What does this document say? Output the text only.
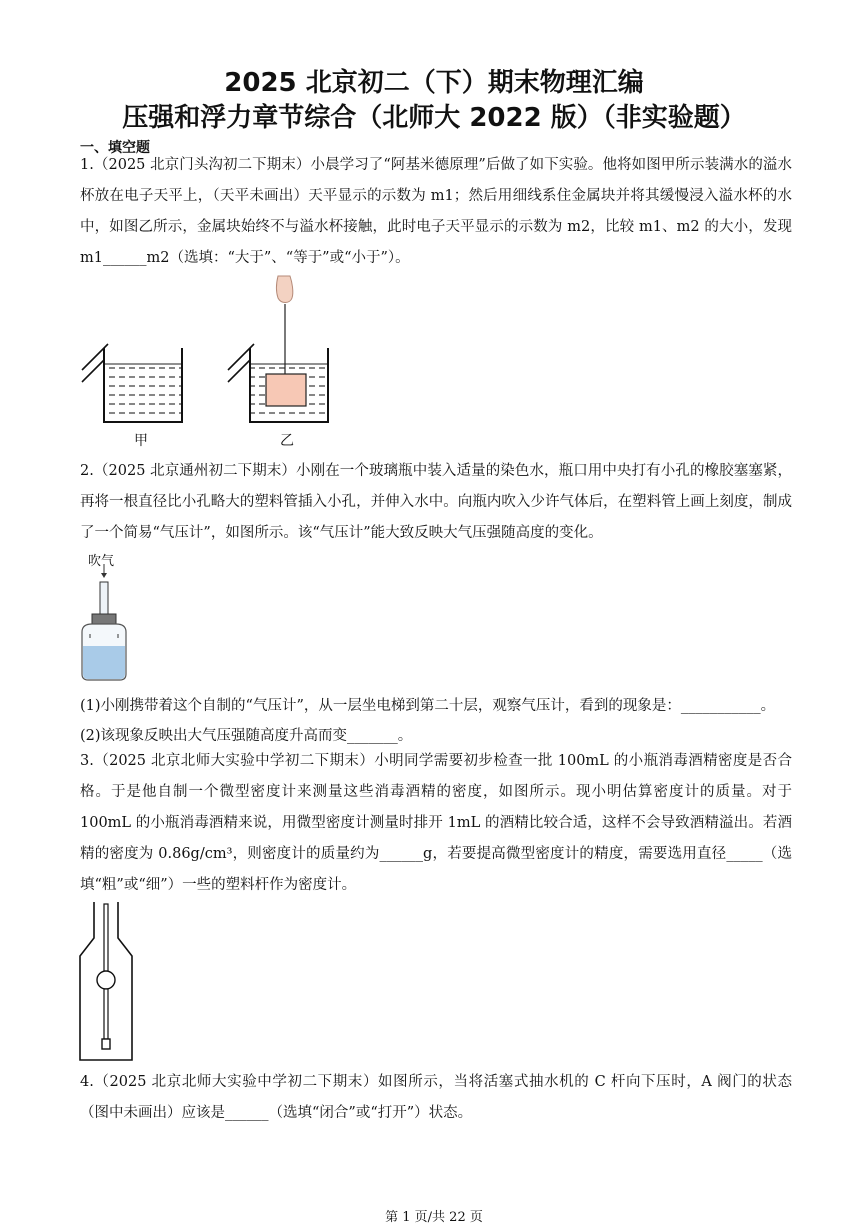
2025 北京初二（下）期末物理汇编
压强和浮力章节综合（北师大 2022 版）（非实验题）
一、填空题
1.（2025 北京门头沟初二下期末）小晨学习了“阿基米德原理”后做了如下实验。他将如图甲所示装满水的溢水杯放在电子天平上，（天平未画出）天平显示的示数为 m1；然后用细线系住金属块并将其缓慢浸入溢水杯的水中，如图乙所示，金属块始终不与溢水杯接触，此时电子天平显示的示数为 m2，比较 m1、m2 的大小，发现 m1______m2（选填：“大于”、“等于”或“小于”）。
甲	乙
2.（2025 北京通州初二下期末）小刚在一个玻璃瓶中装入适量的染色水，瓶口用中央打有小孔的橡胶塞塞紧，再将一根直径比小孔略大的塑料管插入小孔，并伸入水中。向瓶内吹入少许气体后，在塑料管上画上刻度，制成了一个简易“气压计”，如图所示。该“气压计”能大致反映大气压强随高度的变化。
吹气
(1)小刚携带着这个自制的“气压计”，从一层坐电梯到第二十层，观察气压计，看到的现象是：___________。
(2)该现象反映出大气压强随高度升高而变_______。
3.（2025 北京北师大实验中学初二下期末）小明同学需要初步检查一批 100mL 的小瓶消毒酒精密度是否合格。于是他自制一个微型密度计来测量这些消毒酒精的密度，如图所示。现小明估算密度计的质量。对于 100mL 的小瓶消毒酒精来说，用微型密度计测量时排开 1mL 的酒精比较合适，这样不会导致酒精溢出。若酒精的密度为 0.86g/cm³，则密度计的质量约为______g，若要提高微型密度计的精度，需要选用直径_____（选填“粗”或“细”）一些的塑料杆作为密度计。
4.（2025 北京北师大实验中学初二下期末）如图所示，当将活塞式抽水机的 C 杆向下压时，A 阀门的状态（图中未画出）应该是______（选填“闭合”或“打开”）状态。
第 1 页/共 22 页
